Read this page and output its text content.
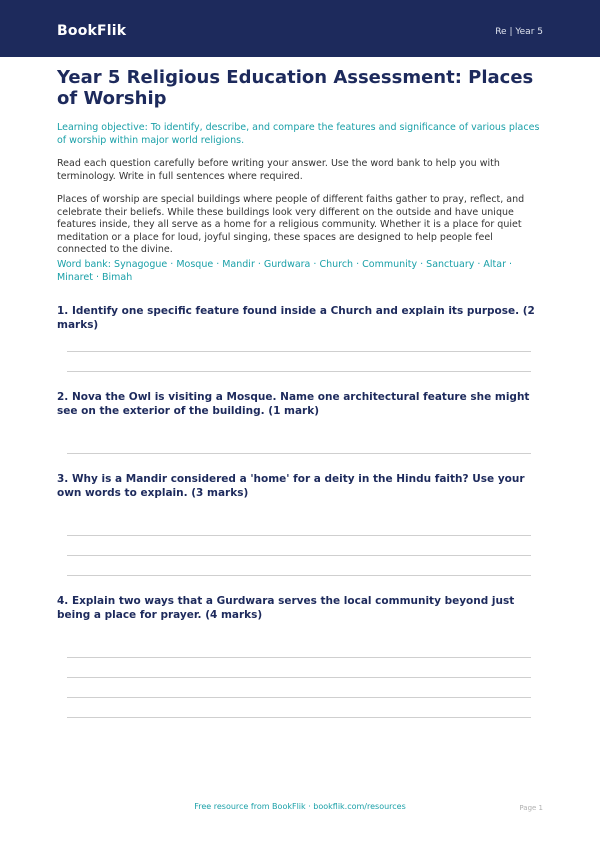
BookFlik	Re | Year 5
Year 5 Religious Education Assessment: Places of Worship

Learning objective: To identify, describe, and compare the features and significance of various places of worship within major world religions.

Read each question carefully before writing your answer. Use the word bank to help you with terminology. Write in full sentences where required.

Places of worship are special buildings where people of different faiths gather to pray, reflect, and celebrate their beliefs. While these buildings look very different on the outside and have unique features inside, they all serve as a home for a religious community. Whether it is a place for quiet meditation or a place for loud, joyful singing, these spaces are designed to help people feel connected to the divine.

Word bank: Synagogue · Mosque · Mandir · Gurdwara · Church · Community · Sanctuary · Altar · Minaret · Bimah

1. Identify one specific feature found inside a Church and explain its purpose. (2 marks)

2. Nova the Owl is visiting a Mosque. Name one architectural feature she might see on the exterior of the building. (1 mark)

3. Why is a Mandir considered a 'home' for a deity in the Hindu faith? Use your own words to explain. (3 marks)

4. Explain two ways that a Gurdwara serves the local community beyond just being a place for prayer. (4 marks)

Free resource from BookFlik · bookflik.com/resources	Page 1
